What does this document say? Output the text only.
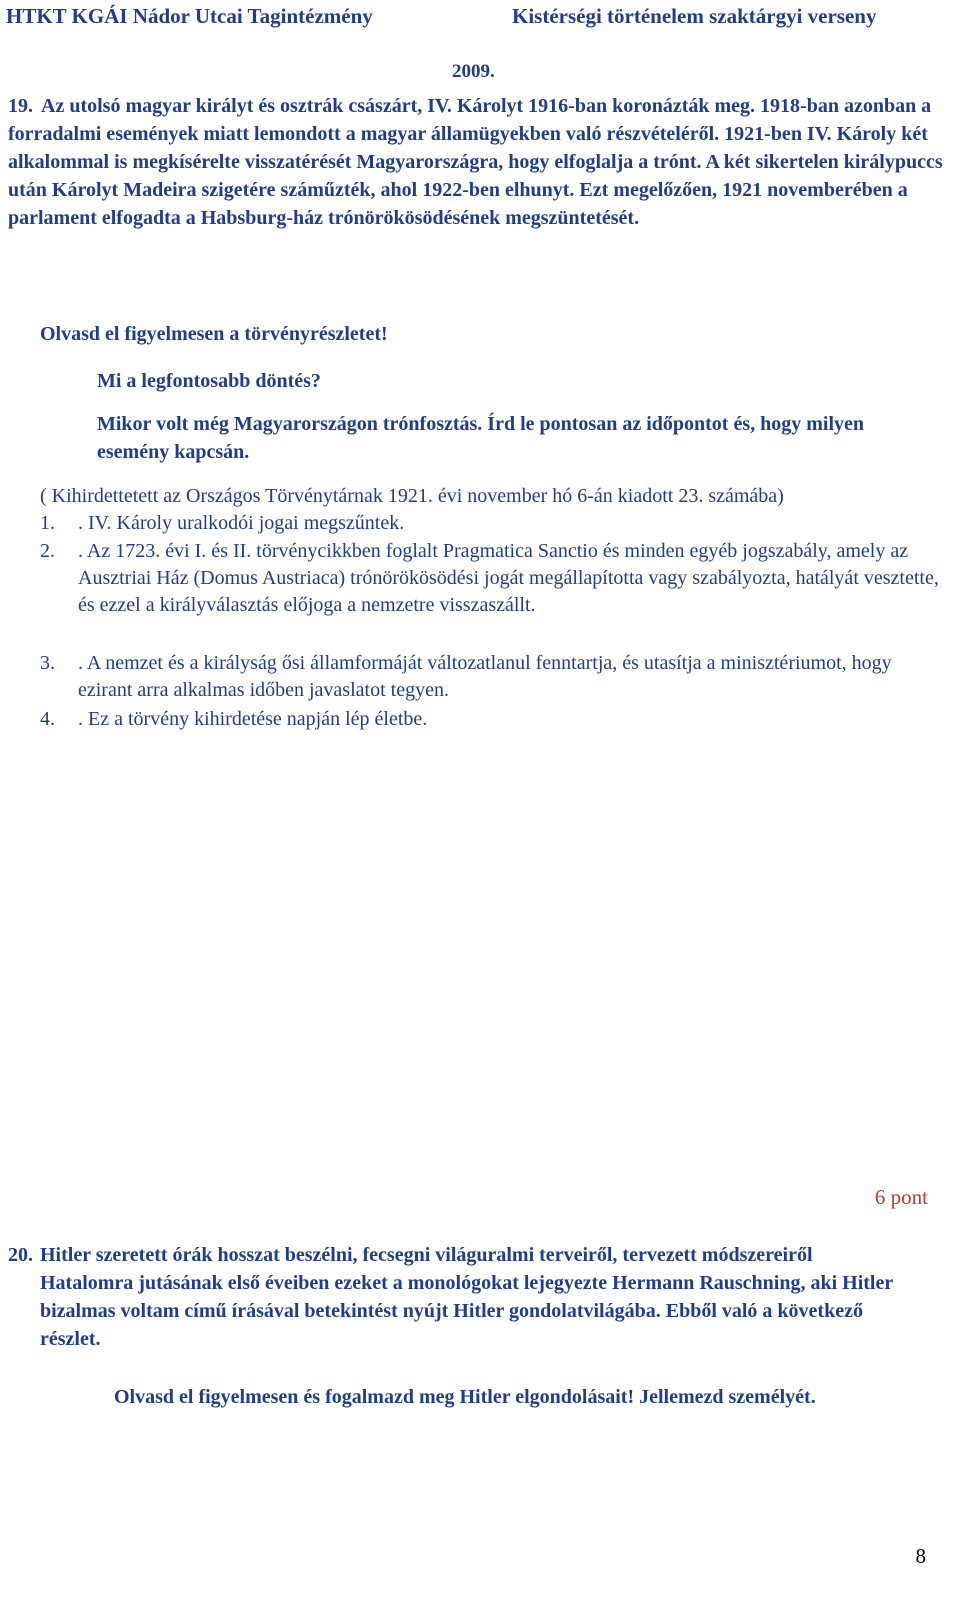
HTKT KGÁI Nádor Utcai Tagintézmény	Kistérségi történelem szaktárgyi verseny
2009.
19. Az utolsó magyar királyt és osztrák császárt, IV. Károlyt 1916-ban koronázták meg. 1918-ban azonban a forradalmi események miatt lemondott a magyar államügyekben való részvételéről. 1921-ben IV. Károly két alkalommal is megkísérelte visszatérését Magyarországra, hogy elfoglalja a trónt. A két sikertelen királypuccs után Károlyt Madeira szigetére száműzték, ahol 1922-ben elhunyt. Ezt megelőzően, 1921 novemberében a parlament elfogadta a Habsburg-ház trónörökösödésének megszüntetését.
Olvasd el figyelmesen a törvényrészletet!
Mi a legfontosabb döntés?
Mikor volt még Magyarországon trónfosztás. Írd le pontosan az időpontot és, hogy milyen esemény kapcsán.
( Kihirdettetett az Országos Törvénytárnak 1921. évi november hó 6-án kiadott 23. számába)
1. . IV. Károly uralkodói jogai megszűntek.
2. . Az 1723. évi I. és II. törvénycikkben foglalt Pragmatica Sanctio és minden egyéb jogszabály, amely az Ausztriai Ház (Domus Austriaca) trónörökösödési jogát megállapította vagy szabályozta, hatályát vesztette, és ezzel a királyválasztás előjoga a nemzetre visszaszállt.
3. . A nemzet és a királyság ősi államformáját változatlanul fenntartja, és utasítja a minisztériumot, hogy ezirant arra alkalmas időben javaslatot tegyen.
4. . Ez a törvény kihirdetése napján lép életbe.
6 pont
20. Hitler szeretett órák hosszat beszélni, fecsegni világuralmi terveiről, tervezett módszereiről Hatalomra jutásának első éveiben ezeket a monológokat lejegyezte Hermann Rauschning, aki Hitler bizalmas voltam című írásával betekintést nyújt Hitler gondolatvilágába. Ebből való a következő részlet.
Olvasd el figyelmesen és fogalmazd meg Hitler elgondolásait! Jellemezd személyét.
8
